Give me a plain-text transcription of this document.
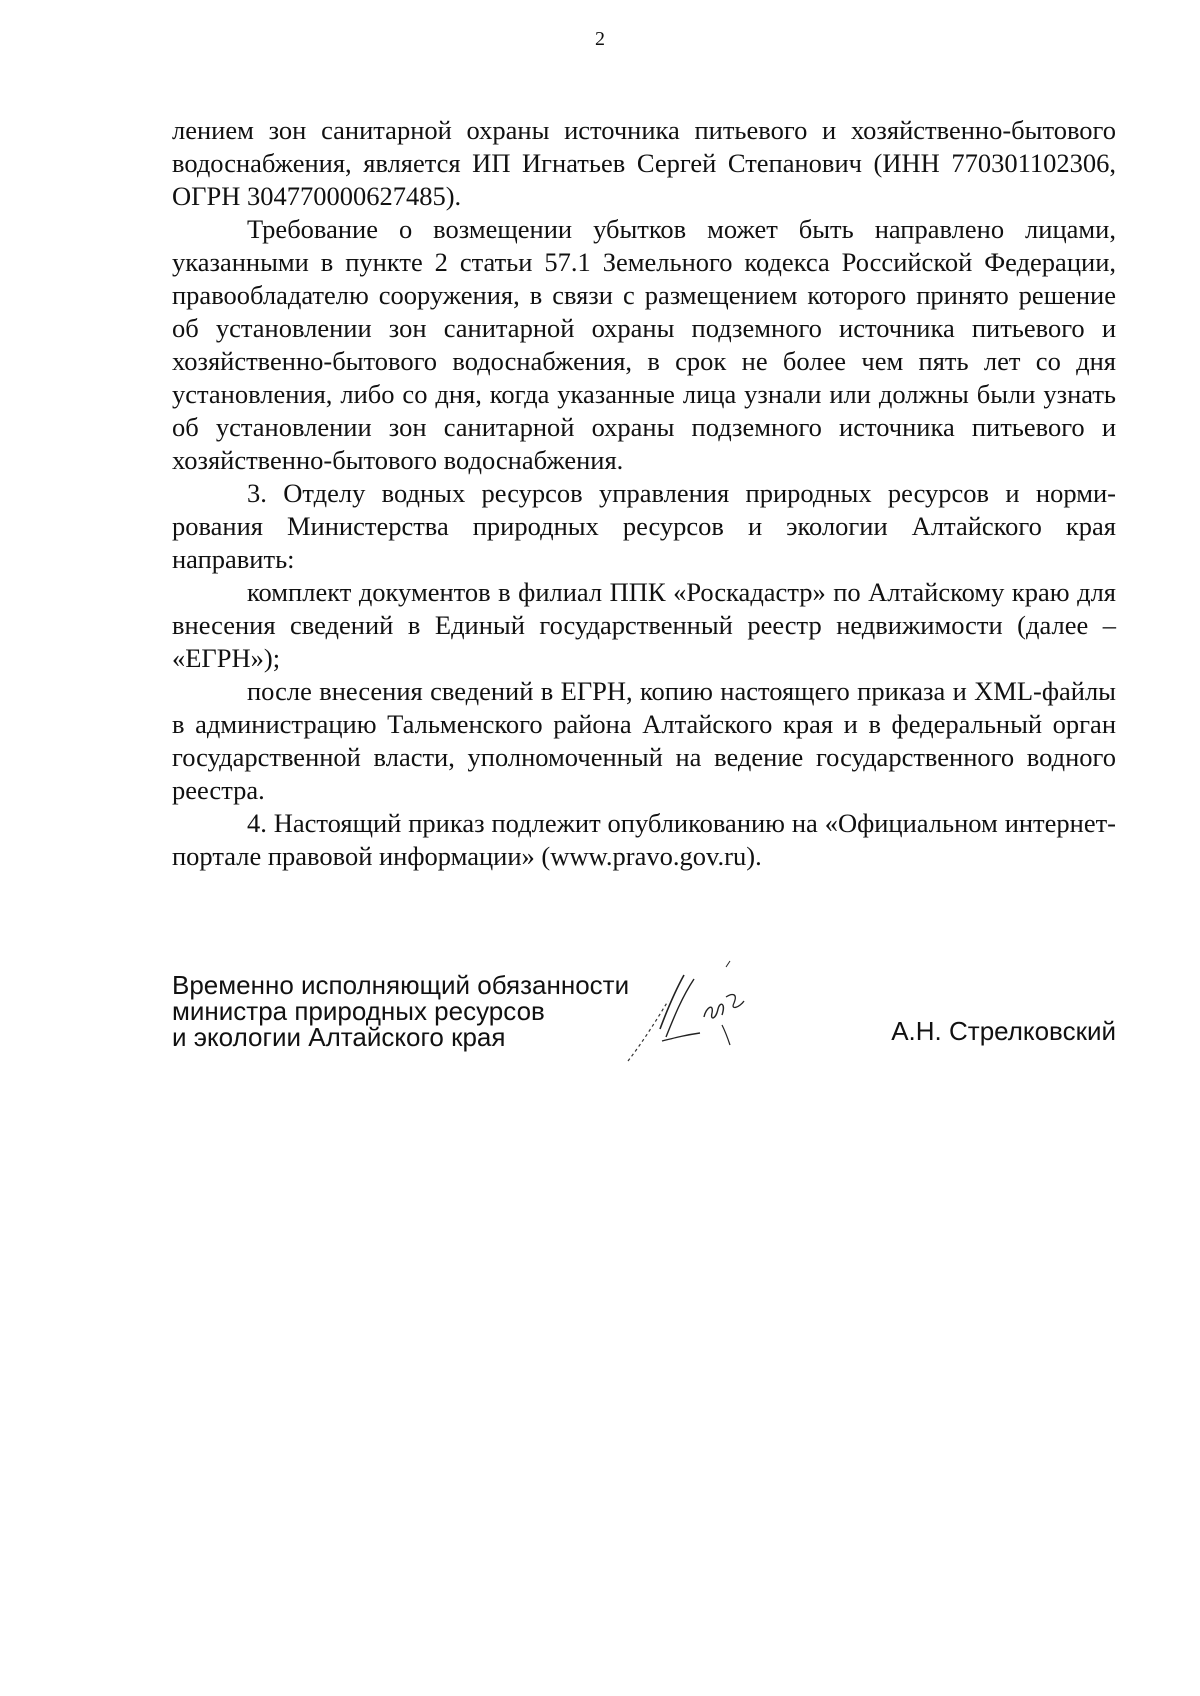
2

лением зон санитарной охраны источника питьевого и хозяйственно-бытового водоснабжения, является ИП Игнатьев Сергей Степанович (ИНН 770301102306, ОГРН 304770000627485).

Требование о возмещении убытков может быть направлено лицами, указанными в пункте 2 статьи 57.1 Земельного кодекса Российской Федерации, правообладателю сооружения, в связи с размещением которого принято решение об установлении зон санитарной охраны подземного источника питьевого и хозяйственно-бытового водоснабжения, в срок не более чем пять лет со дня установления, либо со дня, когда указанные лица узнали или должны были узнать об установлении зон санитарной охраны подземного источника питьевого и хозяйственно-бытового водоснабжения.

3. Отделу водных ресурсов управления природных ресурсов и нормирования Министерства природных ресурсов и экологии Алтайского края направить:

комплект документов в филиал ППК «Роскадастр» по Алтайскому краю для внесения сведений в Единый государственный реестр недвижимости (далее – «ЕГРН»);

после внесения сведений в ЕГРН, копию настоящего приказа и XML-файлы в администрацию Тальменского района Алтайского края и в федеральный орган государственной власти, уполномоченный на ведение государственного водного реестра.

4. Настоящий приказ подлежит опубликованию на «Официальном интернет-портале правовой информации» (www.pravo.gov.ru).

Временно исполняющий обязанности
министра природных ресурсов
и экологии Алтайского края	А.Н. Стрелковский
